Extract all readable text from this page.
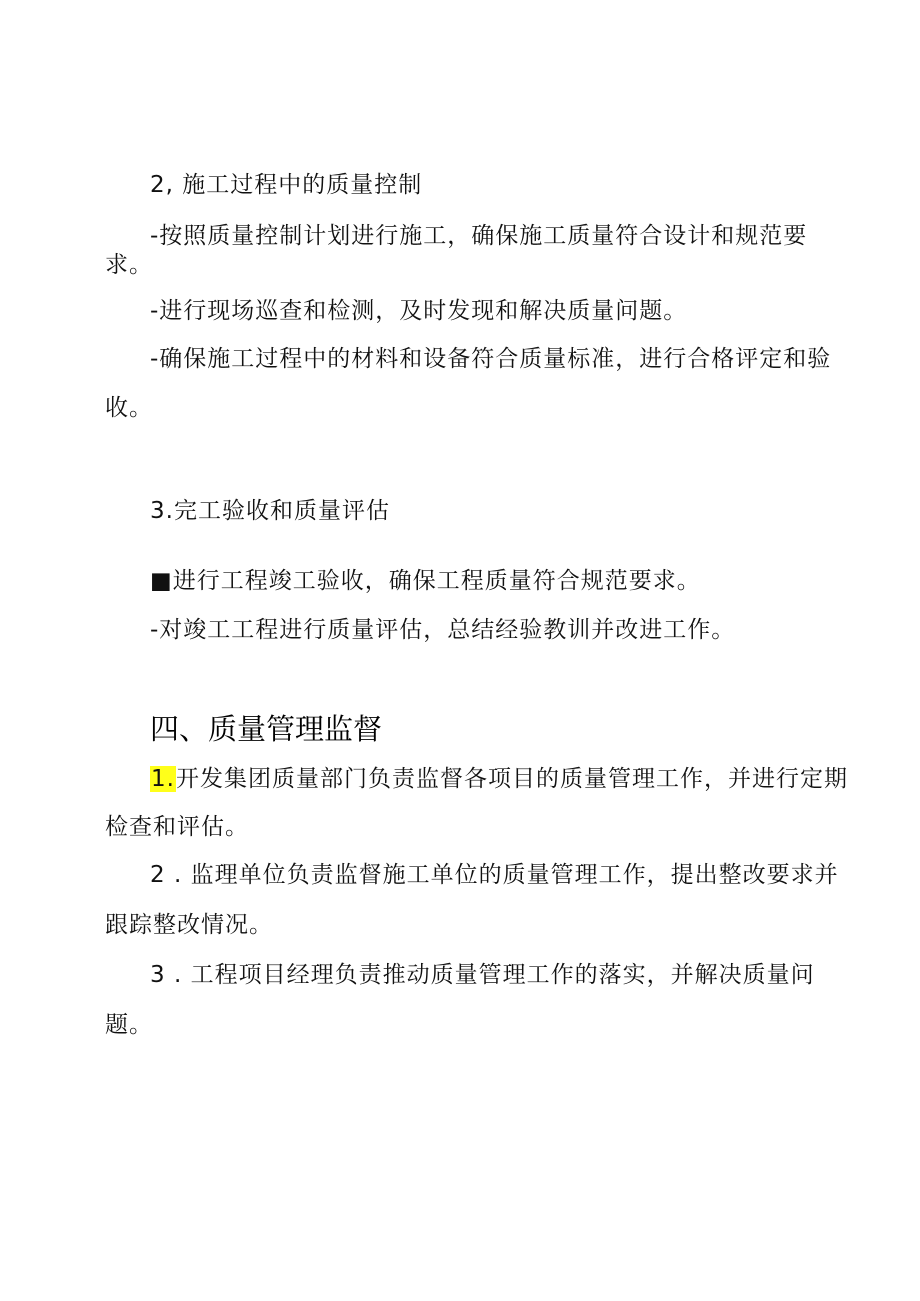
2, 施工过程中的质量控制
-按照质量控制计划进行施工，确保施工质量符合设计和规范要
求。
-进行现场巡查和检测，及时发现和解决质量问题。
-确保施工过程中的材料和设备符合质量标准，进行合格评定和验
收。
3.完工验收和质量评估
■进行工程竣工验收，确保工程质量符合规范要求。
-对竣工工程进行质量评估，总结经验教训并改进工作。
四、质量管理监督
1.开发集团质量部门负责监督各项目的质量管理工作，并进行定期
检查和评估。
2 . 监理单位负责监督施工单位的质量管理工作，提出整改要求并
跟踪整改情况。
3 . 工程项目经理负责推动质量管理工作的落实，并解决质量问
题。
